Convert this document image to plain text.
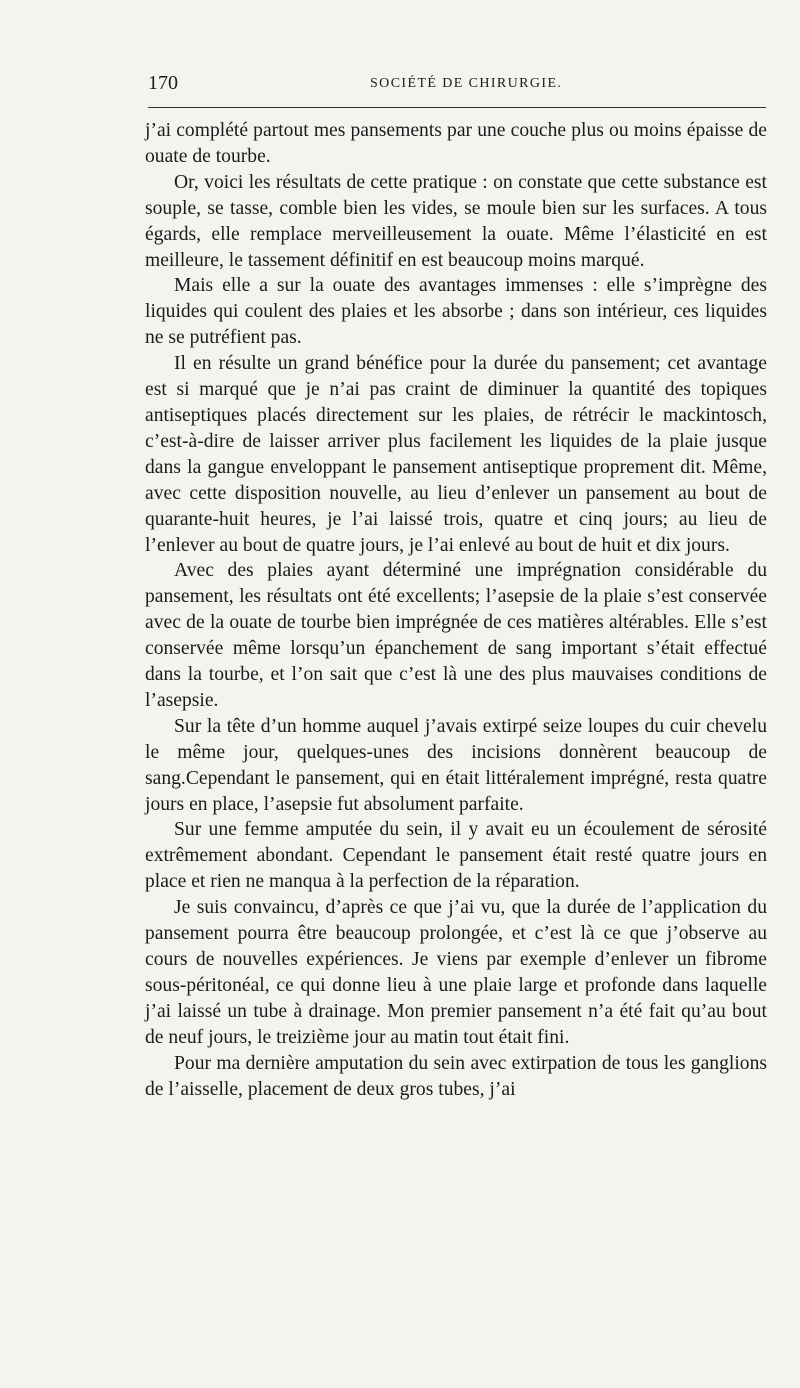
170	SOCIÉTÉ DE CHIRURGIE.

j’ai complété partout mes pansements par une couche plus ou moins épaisse de ouate de tourbe.

Or, voici les résultats de cette pratique : on constate que cette substance est souple, se tasse, comble bien les vides, se moule bien sur les surfaces. A tous égards, elle remplace merveilleusement la ouate. Même l’élasticité en est meilleure, le tassement définitif en est beaucoup moins marqué.

Mais elle a sur la ouate des avantages immenses : elle s’imprègne des liquides qui coulent des plaies et les absorbe ; dans son intérieur, ces liquides ne se putréfient pas.

Il en résulte un grand bénéfice pour la durée du pansement; cet avantage est si marqué que je n’ai pas craint de diminuer la quantité des topiques antiseptiques placés directement sur les plaies, de rétrécir le mackintosch, c’est-à-dire de laisser arriver plus facilement les liquides de la plaie jusque dans la gangue enveloppant le pansement antiseptique proprement dit. Même, avec cette disposition nouvelle, au lieu d’enlever un pansement au bout de quarante-huit heures, je l’ai laissé trois, quatre et cinq jours; au lieu de l’enlever au bout de quatre jours, je l’ai enlevé au bout de huit et dix jours.

Avec des plaies ayant déterminé une imprégnation considérable du pansement, les résultats ont été excellents; l’asepsie de la plaie s’est conservée avec de la ouate de tourbe bien imprégnée de ces matières altérables. Elle s’est conservée même lorsqu’un épanchement de sang important s’était effectué dans la tourbe, et l’on sait que c’est là une des plus mauvaises conditions de l’asepsie.

Sur la tête d’un homme auquel j’avais extirpé seize loupes du cuir chevelu le même jour, quelques-unes des incisions donnèrent beaucoup de sang.Cependant le pansement, qui en était littéralement imprégné, resta quatre jours en place, l’asepsie fut absolument parfaite.

Sur une femme amputée du sein, il y avait eu un écoulement de sérosité extrêmement abondant. Cependant le pansement était resté quatre jours en place et rien ne manqua à la perfection de la réparation.

Je suis convaincu, d’après ce que j’ai vu, que la durée de l’application du pansement pourra être beaucoup prolongée, et c’est là ce que j’observe au cours de nouvelles expériences. Je viens par exemple d’enlever un fibrome sous-péritonéal, ce qui donne lieu à une plaie large et profonde dans laquelle j’ai laissé un tube à drainage. Mon premier pansement n’a été fait qu’au bout de neuf jours, le treizième jour au matin tout était fini.

Pour ma dernière amputation du sein avec extirpation de tous les ganglions de l’aisselle, placement de deux gros tubes, j’ai
